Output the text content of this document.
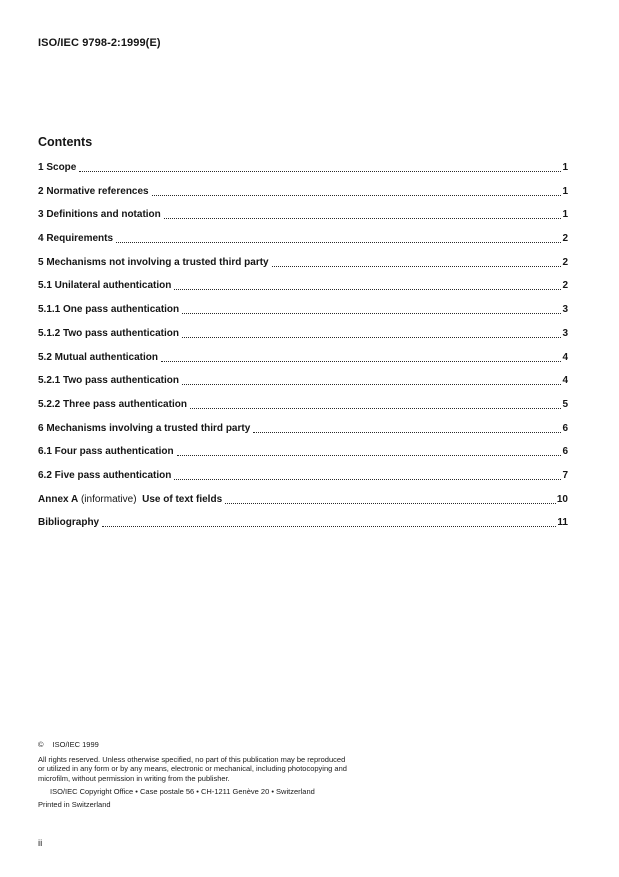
ISO/IEC 9798-2:1999(E)
Contents
1 Scope	1
2 Normative references	1
3 Definitions and notation	1
4 Requirements	2
5 Mechanisms not involving a trusted third party	2
5.1 Unilateral authentication	2
5.1.1 One pass authentication	3
5.1.2 Two pass authentication	3
5.2 Mutual authentication	4
5.2.1 Two pass authentication	4
5.2.2 Three pass authentication	5
6 Mechanisms involving a trusted third party	6
6.1 Four pass authentication	6
6.2 Five pass authentication	7
Annex A (informative) Use of text fields	10
Bibliography	11
© ISO/IEC 1999
All rights reserved. Unless otherwise specified, no part of this publication may be reproduced
or utilized in any form or by any means, electronic or mechanical, including photocopying and
microfilm, without permission in writing from the publisher.
ISO/IEC Copyright Office • Case postale 56 • CH-1211 Genève 20 • Switzerland
Printed in Switzerland
ii
